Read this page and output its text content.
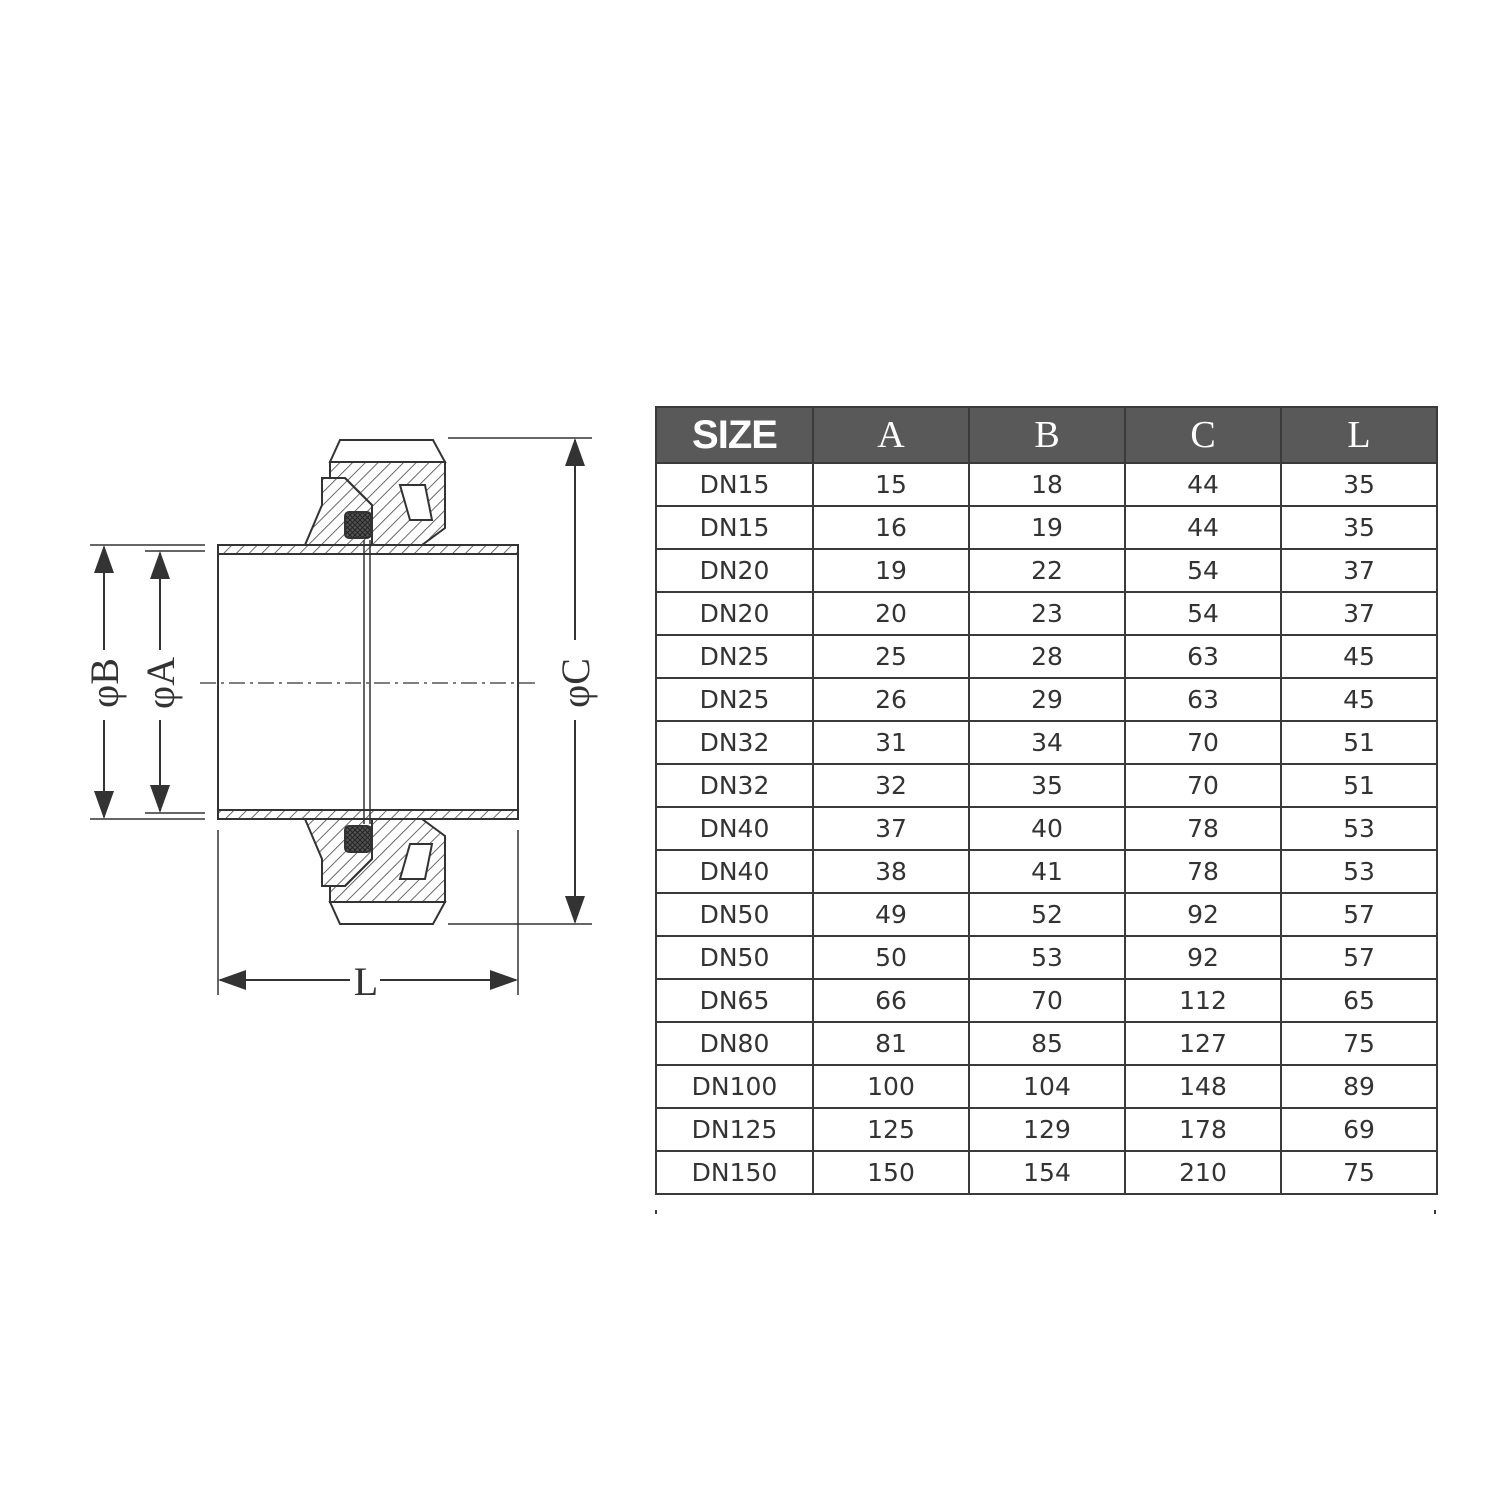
φB φA	φC
L
SIZE	A	B	C	L
DN15	15	18	44	35
DN15	16	19	44	35
DN20	19	22	54	37
DN20	20	23	54	37
DN25	25	28	63	45
DN25	26	29	63	45
DN32	31	34	70	51
DN32	32	35	70	51
DN40	37	40	78	53
DN40	38	41	78	53
DN50	49	52	92	57
DN50	50	53	92	57
DN65	66	70	112	65
DN80	81	85	127	75
DN100	100	104	148	89
DN125	125	129	178	69
DN150	150	154	210	75
